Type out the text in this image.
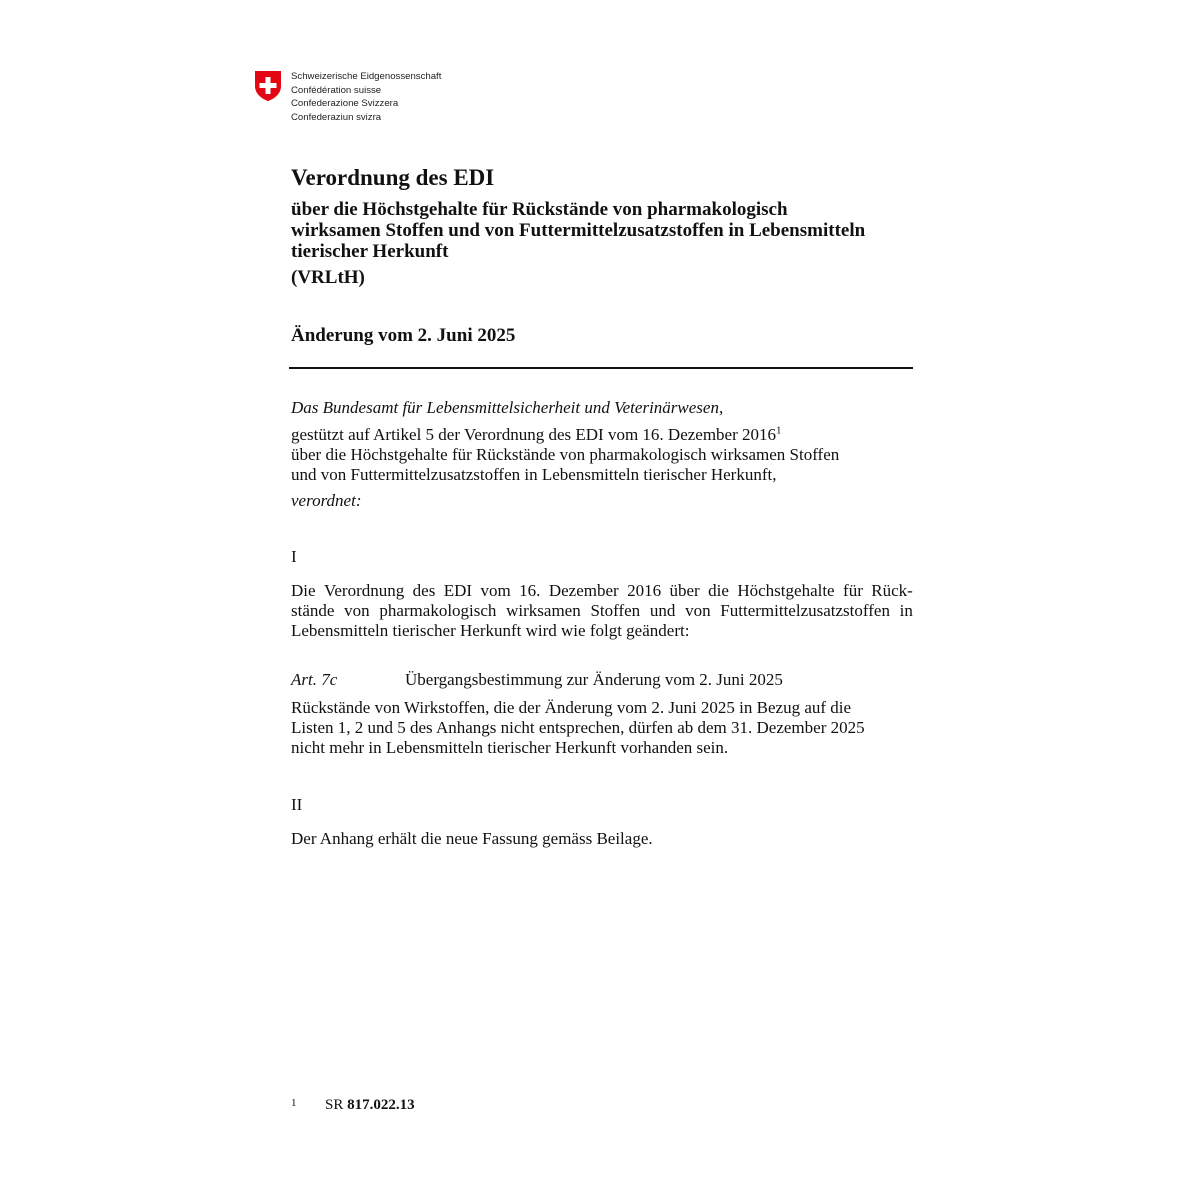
Schweizerische Eidgenossenschaft
Confédération suisse
Confederazione Svizzera
Confederaziun svizra
Verordnung des EDI
über die Höchstgehalte für Rückstände von pharmakologisch
wirksamen Stoffen und von Futtermittelzusatzstoffen in Lebensmitteln
tierischer Herkunft
(VRLtH)
Änderung vom 2. Juni 2025
Das Bundesamt für Lebensmittelsicherheit und Veterinärwesen,
gestützt auf Artikel 5 der Verordnung des EDI vom 16. Dezember 2016$^1$
über die Höchstgehalte für Rückstände von pharmakologisch wirksamen Stoffen
und von Futtermittelzusatzstoffen in Lebensmitteln tierischer Herkunft,
verordnet:
I
Die Verordnung des EDI vom 16. Dezember 2016 über die Höchstgehalte für Rück-
stände von pharmakologisch wirksamen Stoffen und von Futtermittelzusatzstoffen in
Lebensmitteln tierischer Herkunft wird wie folgt geändert:
Art. 7c	Übergangsbestimmung zur Änderung vom 2. Juni 2025
Rückstände von Wirkstoffen, die der Änderung vom 2. Juni 2025 in Bezug auf die
Listen 1, 2 und 5 des Anhangs nicht entsprechen, dürfen ab dem 31. Dezember 2025
nicht mehr in Lebensmitteln tierischer Herkunft vorhanden sein.
II
Der Anhang erhält die neue Fassung gemäss Beilage.
1 SR 817.022.13
